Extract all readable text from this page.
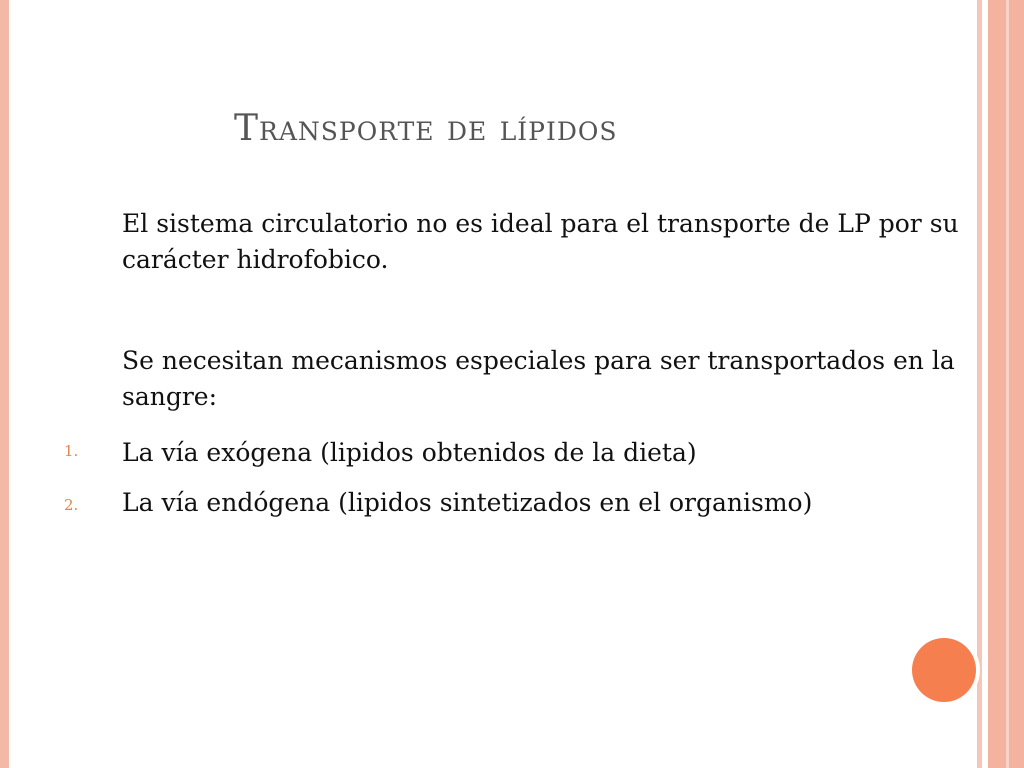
Transporte de lípidos

El sistema circulatorio no es ideal para el transporte de LP por su carácter hidrofobico.

Se necesitan mecanismos especiales para ser transportados en la sangre:

1. La vía exógena (lipidos obtenidos de la dieta)

2. La vía endógena (lipidos sintetizados en el organismo)
